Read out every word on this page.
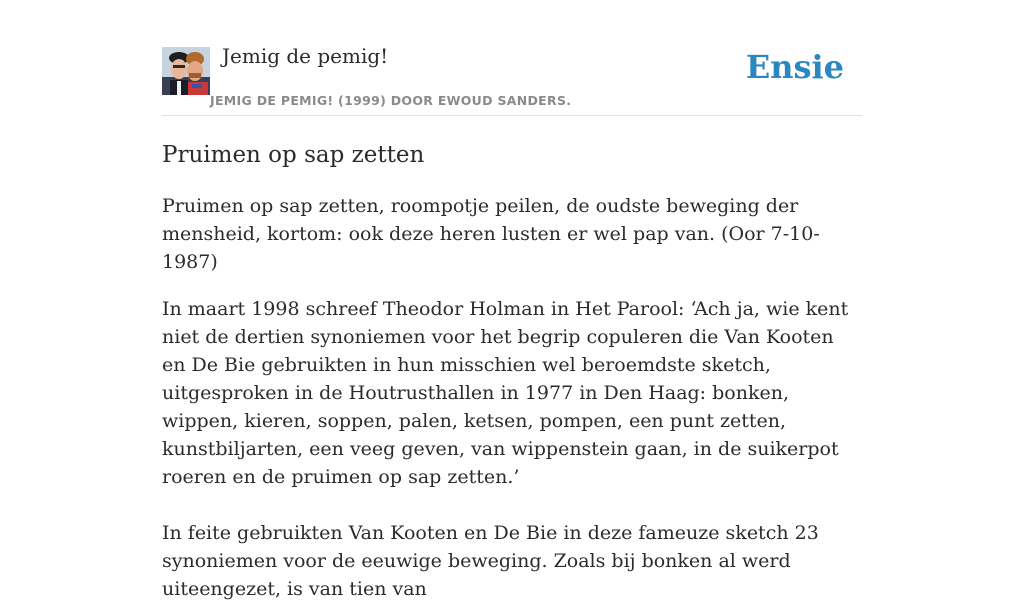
Jemig de pemig!
JEMIG DE PEMIG! (1999) DOOR EWOUD SANDERS.
Ensie
Pruimen op sap zetten

Pruimen op sap zetten, roompotje peilen, de oudste beweging der mensheid, kortom: ook deze heren lusten er wel pap van. (Oor 7-10-1987)

In maart 1998 schreef Theodor Holman in Het Parool: ‘Ach ja, wie kent niet de dertien synoniemen voor het begrip copuleren die Van Kooten en De Bie gebruikten in hun misschien wel beroemdste sketch, uitgesproken in de Houtrusthallen in 1977 in Den Haag: bonken, wippen, kieren, soppen, palen, ketsen, pompen, een punt zetten, kunstbiljarten, een veeg geven, van wippenstein gaan, in de suikerpot roeren en de pruimen op sap zetten.’

In feite gebruikten Van Kooten en De Bie in deze fameuze sketch 23 synoniemen voor de eeuwige beweging. Zoals bij bonken al werd uiteengezet, is van tien van
